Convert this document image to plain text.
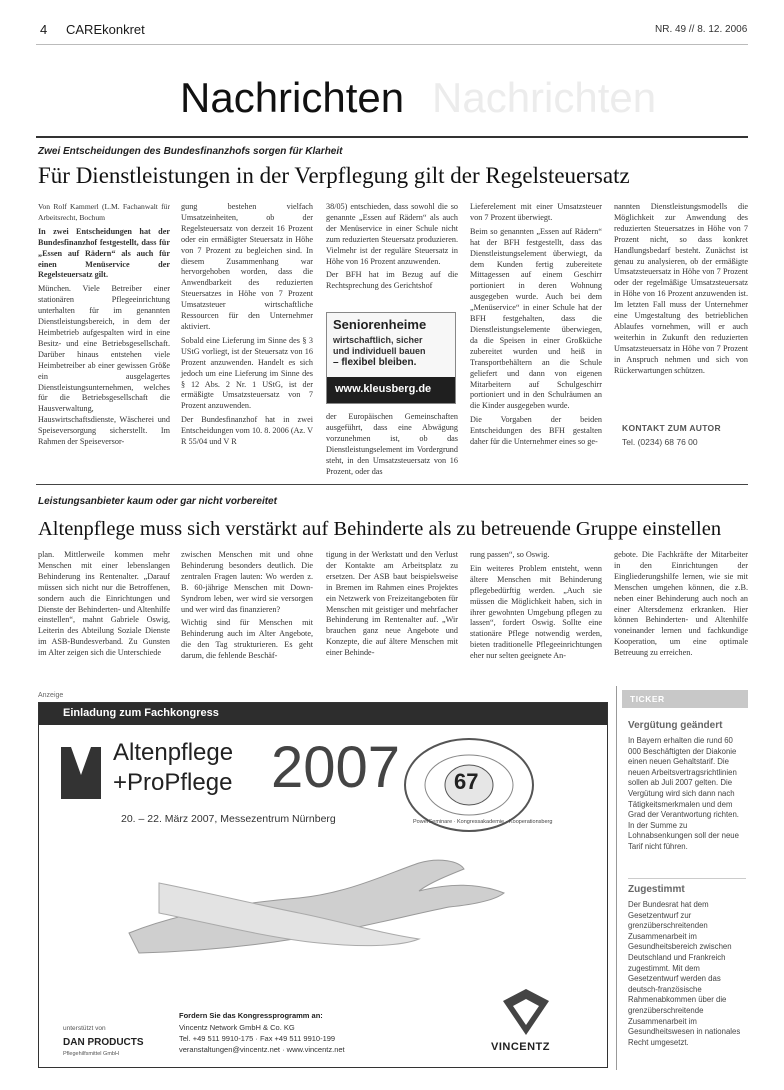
4 CAREkonkret	NR. 49 // 8. 12. 2006
Nachrichten Nachrichten
Zwei Entscheidungen des Bundesfinanzhofs sorgen für Klarheit
Für Dienstleistungen in der Verpflegung gilt der Regelsteuersatz

Von Rolf Kammerl (L.M. Fachanwalt für Arbeitsrecht, Bochum

In zwei Entscheidungen hat der Bundesfinanzhof festgestellt, dass für „Essen auf Rädern“ als auch für einen Menüservice der Regelsteuersatz gilt.

München. Viele Betreiber einer stationären Pflegeeinrichtung unterhalten für im genannten Dienstleistungsbereich, in dem der Heimbetrieb aufgespalten wird in eine Besitz- und eine Betriebsgesellschaft. Darüber hinaus entstehen viele Heimbetreiber ab einer gewissen Größe ein ausgelagertes Dienstleistungsunternehmen, welches für die Betriebsgesellschaft die Hausverwaltung, Hauswirtschaftsdienste, Wäscherei und Speiseversorgung sicherstellt. Im Rahmen der Speiseversor-

gung bestehen vielfach Umsatzeinheiten, ob der Regelsteuersatz von derzeit 16 Prozent oder ein ermäßigter Steuersatz in Höhe von 7 Prozent zu begleichen sind. In diesem Zusammenhang war hervorgehoben worden, dass die Anwendbarkeit des reduzierten Steuersatzes in Höhe von 7 Prozent Umsatzsteuer wirtschaftliche Ressourcen für den Unternehmer aktiviert.

Sobald eine Lieferung im Sinne des § 3 UStG vorliegt, ist der Steuersatz von 16 Prozent anzuwenden. Handelt es sich jedoch um eine Lieferung im Sinne des § 12 Abs. 2 Nr. 1 UStG, ist der ermäßigte Umsatzsteuersatz von 7 Prozent anzuwenden.

Der Bundesfinanzhof hat in zwei Entscheidungen vom 10. 8. 2006 (Az. V R 55/04 und V R

38/05) entschieden, dass sowohl die so genannte „Essen auf Rädern“ als auch der Menüservice in einer Schule nicht zum reduzierten Steuersatz produzieren. Vielmehr ist der reguläre Steuersatz in Höhe von 16 Prozent anzuwenden.

Der BFH hat im Bezug auf die Rechtsprechung des Gerichtshof

Seniorenheime
wirtschaftlich, sicher
und individuell bauen
– flexibel bleiben.
www.kleusberg.de

der Europäischen Gemeinschaften ausgeführt, dass eine Abwägung vorzunehmen ist, ob das Dienstleistungselement im Vordergrund steht, in den Umsatzsteuersatz von 16 Prozent, oder das

Lieferelement mit einer Umsatzsteuer von 7 Prozent überwiegt.

Beim so genannten „Essen auf Rädern“ hat der BFH festgestellt, dass das Dienstleistungselement überwiegt, da dem Kunden fertig zubereitete Mittagessen auf einem Geschirr portioniert in deren Wohnung ausgegeben wurde. Auch bei dem „Menüservice“ in einer Schule hat der BFH festgehalten, dass die Dienstleistungselemente überwiegen, da die Speisen in einer Großküche zubereitet wurden und heiß in Transportbehältern an die Schule geliefert und dann von eigenen Mitarbeitern auf Schulgeschirr portioniert und in den Schulräumen an die Kinder ausgegeben wurde.

Die Vorgaben der beiden Entscheidungen des BFH gestalten daher für die Unternehmer eines so ge-

nannten Dienstleistungsmodells die Möglichkeit zur Anwendung des reduzierten Steuersatzes in Höhe von 7 Prozent nicht, so dass konkret Handlungsbedarf besteht. Zunächst ist genau zu analysieren, ob der ermäßigte Umsatzsteuersatz in Höhe von 7 Prozent oder der regelmäßige Umsatzsteuersatz in Höhe von 16 Prozent anzuwenden ist. Im letzten Fall muss der Unternehmer eine Umgestaltung des betrieblichen Ablaufes vornehmen, will er auch weiterhin in Zukunft den reduzierten Umsatzsteuersatz in Höhe von 7 Prozent in Anspruch nehmen und sich von Rückerwartungen schützen.

KONTAKT ZUM AUTOR
Tel. (0234) 68 76 00
Leistungsanbieter kaum oder gar nicht vorbereitet
Altenpflege muss sich verstärkt auf Behinderte als zu betreuende Gruppe einstellen

plan. Mittlerweile kommen mehr Menschen mit einer lebenslangen Behinderung ins Rentenalter. „Darauf müssen sich nicht nur die Betroffenen, sondern auch die Einrichtungen und Dienste der Behinderten- und Altenhilfe einstellen“, mahnt Gabriele Oswig, Leiterin des Abteilung Soziale Dienste im ASB-Bundesverband. Zu Gunsten im Alter zeigen sich die Unterschiede

zwischen Menschen mit und ohne Behinderung besonders deutlich. Die zentralen Fragen lauten: Wo werden z. B. 60-jährige Menschen mit Down-Syndrom leben, wer wird sie versorgen und wer wird das finanzieren?

Wichtig sind für Menschen mit Behinderung auch im Alter Angebote, die den Tag strukturieren. Es geht darum, die fehlende Beschäf-

tigung in der Werkstatt und den Verlust der Kontakte am Arbeitsplatz zu ersetzen. Der ASB baut beispielsweise in Bremen im Rahmen eines Projektes ein Netzwerk von Freizeitangeboten für Menschen mit geistiger und mehrfacher Behinderung im Rentenalter auf. „Wir brauchen ganz neue Angebote und Konzepte, die auf ältere Menschen mit einer Behinde-

rung passen“, so Oswig.

Ein weiteres Problem entsteht, wenn ältere Menschen mit Behinderung pflegebedürftig werden. „Auch sie müssen die Möglichkeit haben, sich in ihrer gewohnten Umgebung pflegen zu lassen“, fordert Oswig. Sollte eine stationäre Pflege notwendig werden, bieten traditionelle Pflegeeinrichtungen eher nur selten geeignete An-

gebote. Die Fachkräfte der Mitarbeiter in den Einrichtungen der Eingliederungshilfe lernen, wie sie mit Menschen umgehen können, die z.B. neben einer Behinderung auch noch an einer Altersdemenz erkranken. Hier können Behinderten- und Altenhilfe voneinander lernen und fachkundige Kooperation, um eine optimale Betreuung zu erreichen.

Anzeige
Einladung zum Fachkongress
Altenpflege
+ProPflege 2007
20. – 22. März 2007, Messezentrum Nürnberg
67
PowerSeminare · Kongressakademie · Kooperationsberg
unterstützt von
DAN PRODUCTS
Pflegehilfsmittel GmbH
Fordern Sie das Kongressprogramm an:
Vincentz Network GmbH & Co. KG
Tel. +49 511 9910-175 · Fax +49 511 9910-199
veranstaltungen@vincentz.net · www.vincentz.net	VINCENTZ
TICKER
Vergütung geändert
In Bayern erhalten die rund 60 000 Beschäftigten der Diakonie einen neuen Gehaltstarif. Die neuen Arbeitsvertragsrichtlinien sollen ab Juli 2007 gelten. Die Vergütung wird sich dann nach Tätigkeitsmerkmalen und dem Grad der Verantwortung richten. In der Summe zu Lohnabsenkungen soll der neue Tarif nicht führen.
Zugestimmt
Der Bundesrat hat dem Gesetzentwurf zur grenzüberschreitenden Zusammenarbeit im Gesundheitsbereich zwischen Deutschland und Frankreich zugestimmt. Mit dem Gesetzentwurf werden das deutsch-französische Rahmenabkommen über die grenzüberschreitende Zusammenarbeit im Gesundheitswesen in nationales Recht umgesetzt.
